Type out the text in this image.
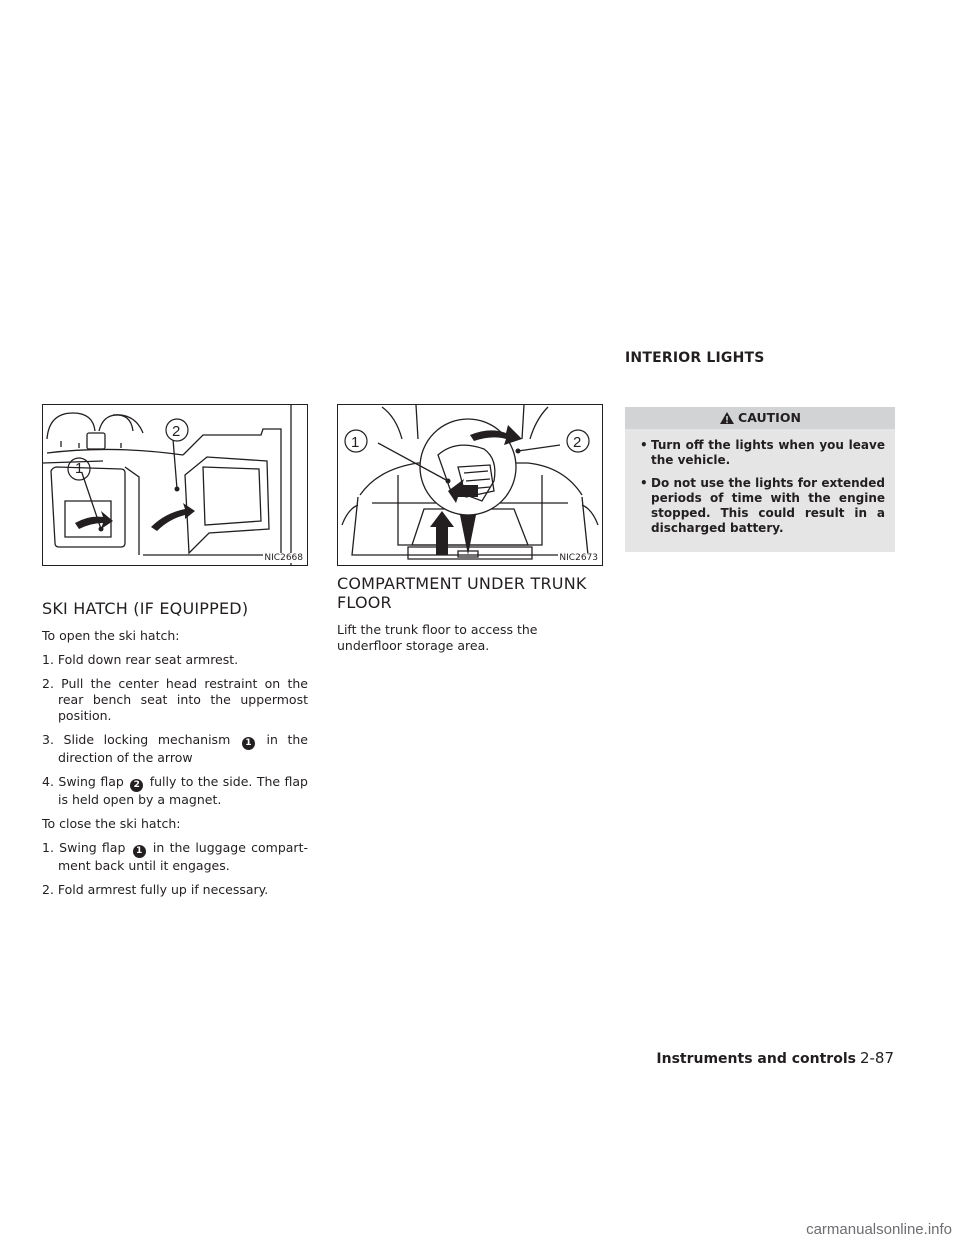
INTERIOR LIGHTS
1
2
NIC2668
1	2
NIC2673
SKI HATCH (IF EQUIPPED)

To open the ski hatch:

1. Fold down rear seat armrest.

2. Pull the center head restraint on the rear bench seat into the uppermost position.

3. Slide locking mechanism 1 in the direction of the arrow

4. Swing flap 2 fully to the side. The flap is held open by a magnet.

To close the ski hatch:

1. Swing flap 1 in the luggage compartment back until it engages.

2. Fold armrest fully up if necessary.

COMPARTMENT UNDER TRUNK FLOOR

Lift the trunk floor to access the underfloor storage area.

CAUTION
• Turn off the lights when you leave the vehicle.
• Do not use the lights for extended periods of time with the engine stopped. This could result in a discharged battery.
Instruments and controls 2-87
carmanualsonline.info
